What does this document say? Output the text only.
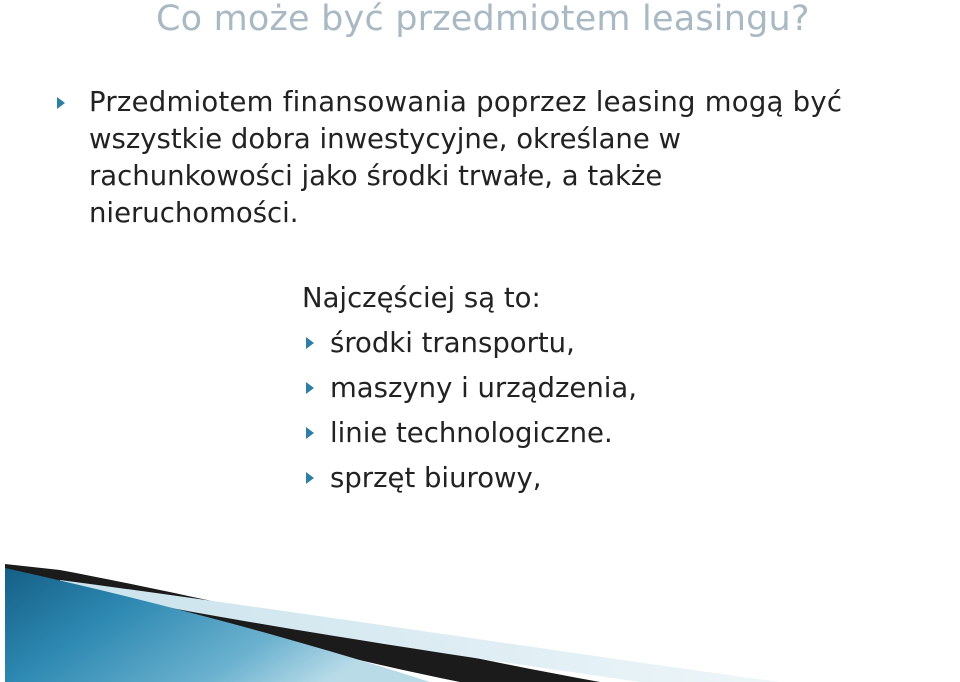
Co może być przedmiotem leasingu?

Przedmiotem finansowania poprzez leasing mogą być
wszystkie dobra inwestycyjne, określane w
rachunkowości jako środki trwałe, a także
nieruchomości.

Najczęściej są to:
środki transportu,
maszyny i urządzenia,
linie technologiczne.
sprzęt biurowy,
